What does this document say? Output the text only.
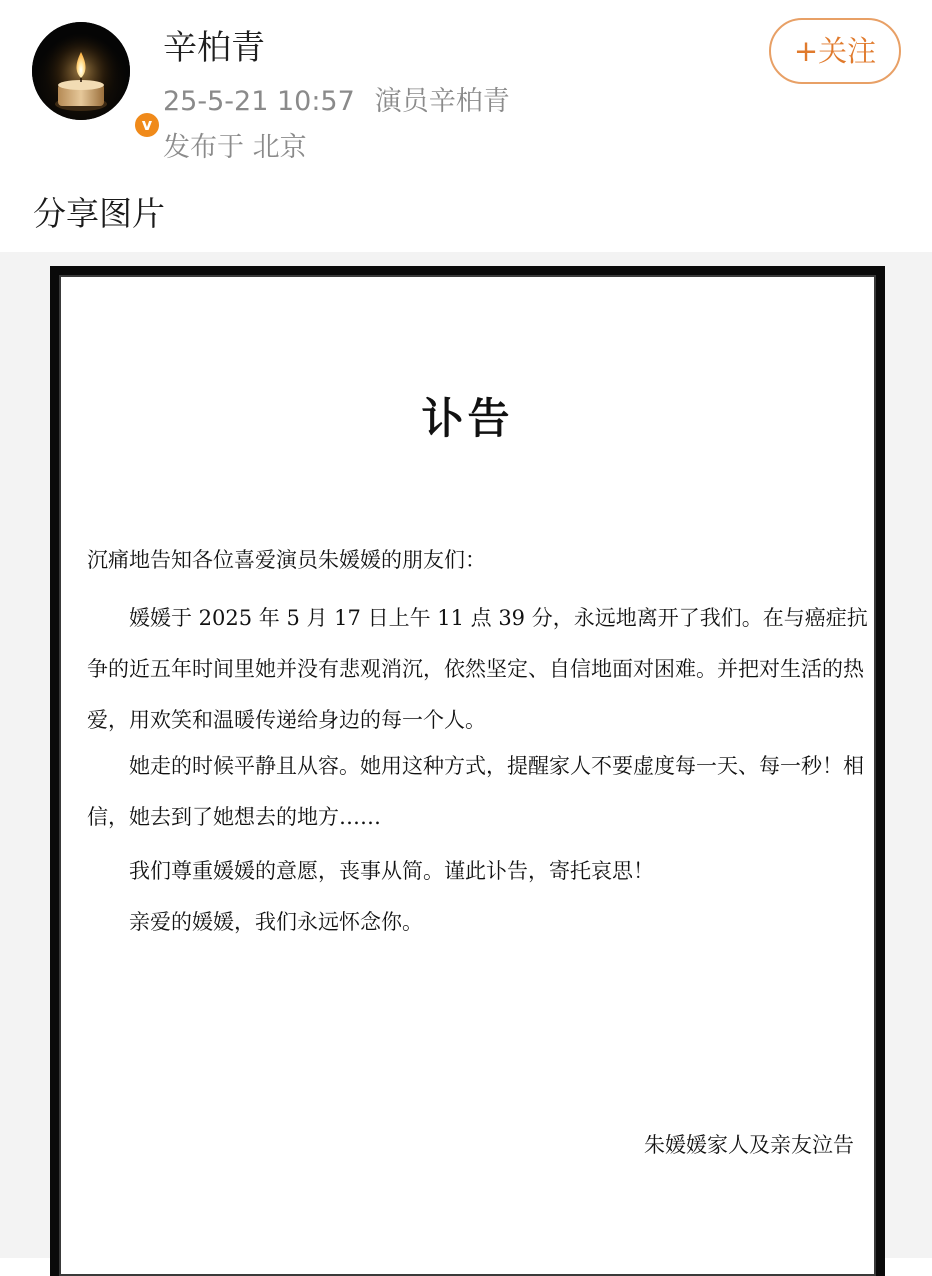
v
辛柏青
25-5-21 10:57 演员辛柏青
发布于 北京
+关注
分享图片
讣告
沉痛地告知各位喜爱演员朱媛媛的朋友们：

媛媛于 2025 年 5 月 17 日上午 11 点 39 分，永远地离开了我们。在与癌症抗争的近五年时间里她并没有悲观消沉，依然坚定、自信地面对困难。并把对生活的热爱，用欢笑和温暖传递给身边的每一个人。

她走的时候平静且从容。她用这种方式，提醒家人不要虚度每一天、每一秒！相信，她去到了她想去的地方……

我们尊重媛媛的意愿，丧事从简。谨此讣告，寄托哀思！

亲爱的媛媛，我们永远怀念你。

朱媛媛家人及亲友泣告
